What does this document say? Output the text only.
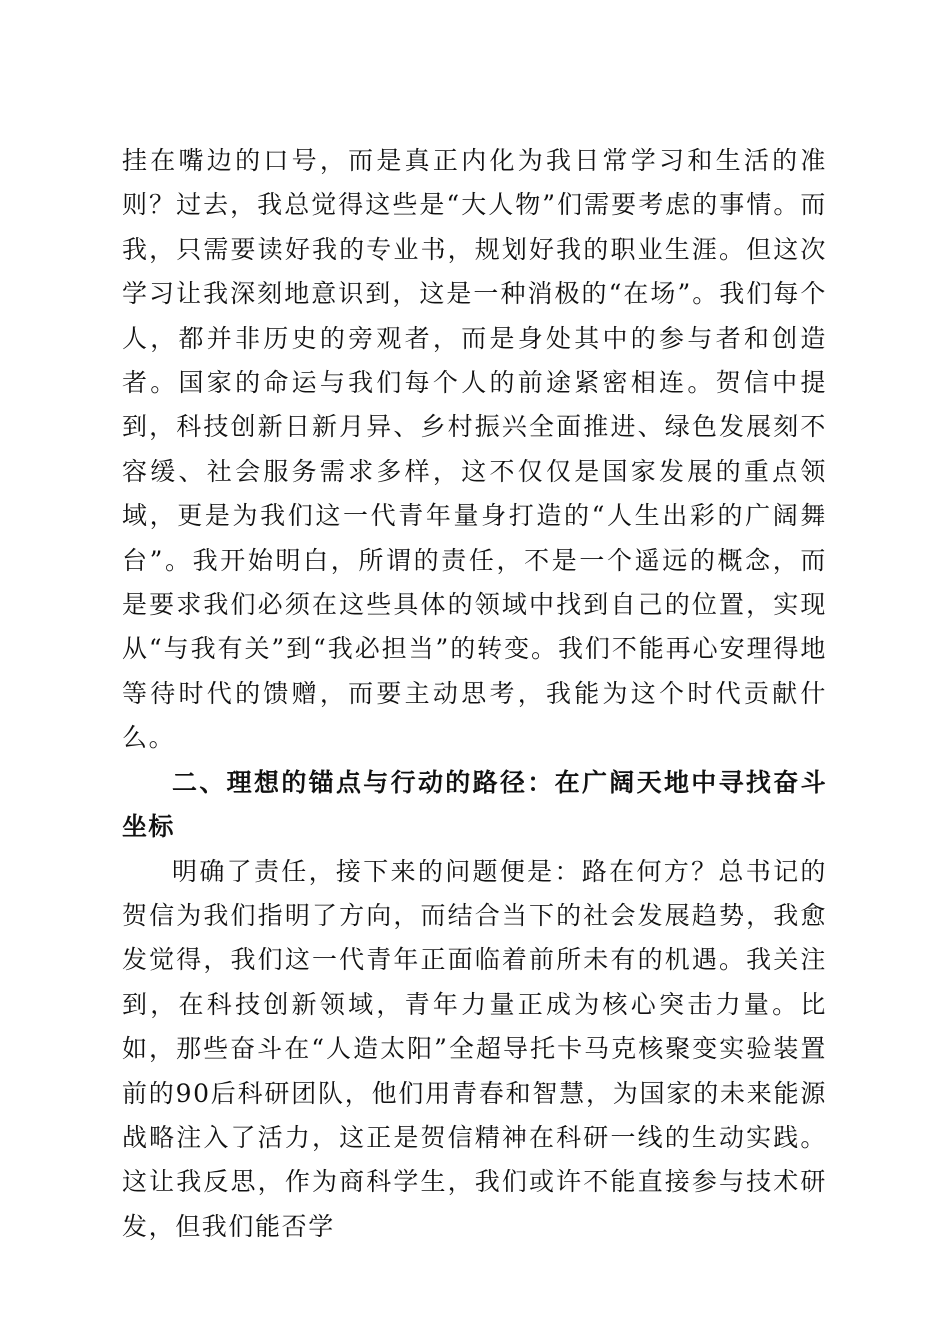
挂在嘴边的口号，而是真正内化为我日常学习和生活的准则？过去，我总觉得这些是“大人物”们需要考虑的事情。而我，只需要读好我的专业书，规划好我的职业生涯。但这次学习让我深刻地意识到，这是一种消极的“在场”。我们每个人，都并非历史的旁观者，而是身处其中的参与者和创造者。国家的命运与我们每个人的前途紧密相连。贺信中提到，科技创新日新月异、乡村振兴全面推进、绿色发展刻不容缓、社会服务需求多样，这不仅仅是国家发展的重点领域，更是为我们这一代青年量身打造的“人生出彩的广阔舞台”。我开始明白，所谓的责任，不是一个遥远的概念，而是要求我们必须在这些具体的领域中找到自己的位置，实现从“与我有关”到“我必担当”的转变。我们不能再心安理得地等待时代的馈赠，而要主动思考，我能为这个时代贡献什么。

二、理想的锚点与行动的路径：在广阔天地中寻找奋斗坐标

明确了责任，接下来的问题便是：路在何方？总书记的贺信为我们指明了方向，而结合当下的社会发展趋势，我愈发觉得，我们这一代青年正面临着前所未有的机遇。我关注到，在科技创新领域，青年力量正成为核心突击力量。比如，那些奋斗在“人造太阳”全超导托卡马克核聚变实验装置前的90后科研团队，他们用青春和智慧，为国家的未来能源战略注入了活力，这正是贺信精神在科研一线的生动实践。这让我反思，作为商科学生，我们或许不能直接参与技术研发，但我们能否学
